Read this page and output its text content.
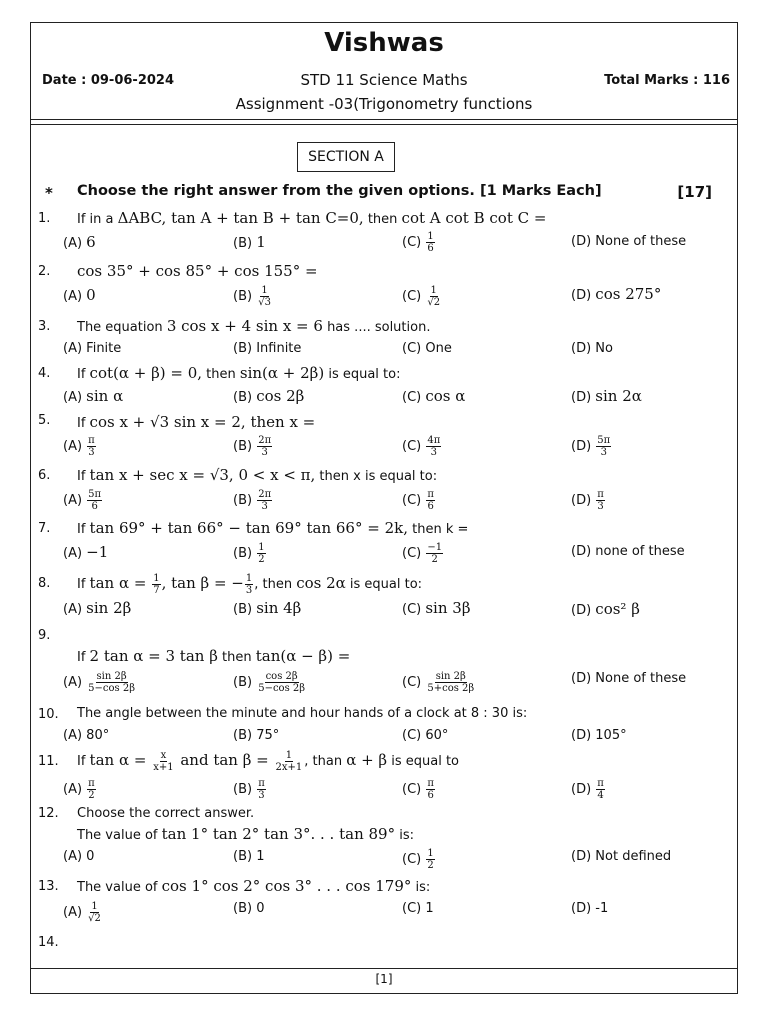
Vishwas
Date : 09-06-2024	STD 11 Science Maths	Total Marks : 116
Assignment -03(Trigonometry functions
SECTION A
* Choose the right answer from the given options. [1 Marks Each]	[17]
1. If in a ΔABC, tan A + tan B + tan C=0, then cot A cot B cot C =
(A) 6	(B) 1	$(C) \frac{1}{6}$	(D) None of these
2. cos 35° + cos 85° + cos 155° =
(A) 0	$(B) \frac{1}{√3}$	$(C) \frac{1}{√2}$	(D) cos 275°
3. The equation 3 cos x + 4 sin x = 6 has .... solution.
(A) Finite	(B) Infinite	(C) One	(D) No
4. If cot(α + β) = 0, then sin(α + 2β) is equal to:
(A) sin α	(B) cos 2β	(C) cos α	(D) sin 2α
5. If cos x + √3 sin x = 2, then x =
$(A) \frac{\pi}{3}$	$(B) \frac{2\pi}{3}$	$(C) \frac{4\pi}{3}$	$(D) \frac{5\pi}{3}$
6. If tan x + sec x = √3, 0 < x < π, then x is equal to:
$(A) \frac{5\pi}{6}$	$(B) \frac{2\pi}{3}$	$(C) \frac{\pi}{6}$	$(D) \frac{\pi}{3}$
7. If tan 69° + tan 66° − tan 69° tan 66° = 2k, then k =
(A) −1	$(B) \frac{1}{2}$	$(C) \frac{-1}{2}$	(D) none of these
8. If $\tan \alpha = \frac{1}{7}$ , tan β = − $\frac{1}{3}$ , then cos 2α is equal to:
(A) sin 2β	(B) sin 4β	(C) sin 3β	(D) cos² β
9.
If 2 tan α = 3 tan β then tan(α − β) =
$(A) \frac{\sin 2\beta}{5-\cos 2\beta}$	$(B) \frac{\cos 2\beta}{5-\cos 2\beta}$	$(C) \frac{\sin 2\beta}{5+\cos 2\beta}$	(D) None of these
10. The angle between the minute and hour hands of a clock at 8 : 30 is:
(A) 80°	(B) 75°	(C) 60°	(D) 105°
11. If $\tan \alpha = \frac{x}{x+1}$ and $\tan \beta = \frac{1}{2x+1}$ , than α + β is equal to
$(A) \frac{\pi}{2}$	$(B) \frac{\pi}{3}$	$(C) \frac{\pi}{6}$	$(D) \frac{\pi}{4}$
12. Choose the correct answer.
The value of tan 1° tan 2° tan 3°. . . tan 89° is:
(A) 0	(B) 1	$(C) \frac{1}{2}$	(D) Not defined
13. The value of cos 1° cos 2° cos 3° . . . cos 179° is:
$(A) \frac{1}{√2}$	(B) 0	(C) 1	(D) -1
14.
[1]
